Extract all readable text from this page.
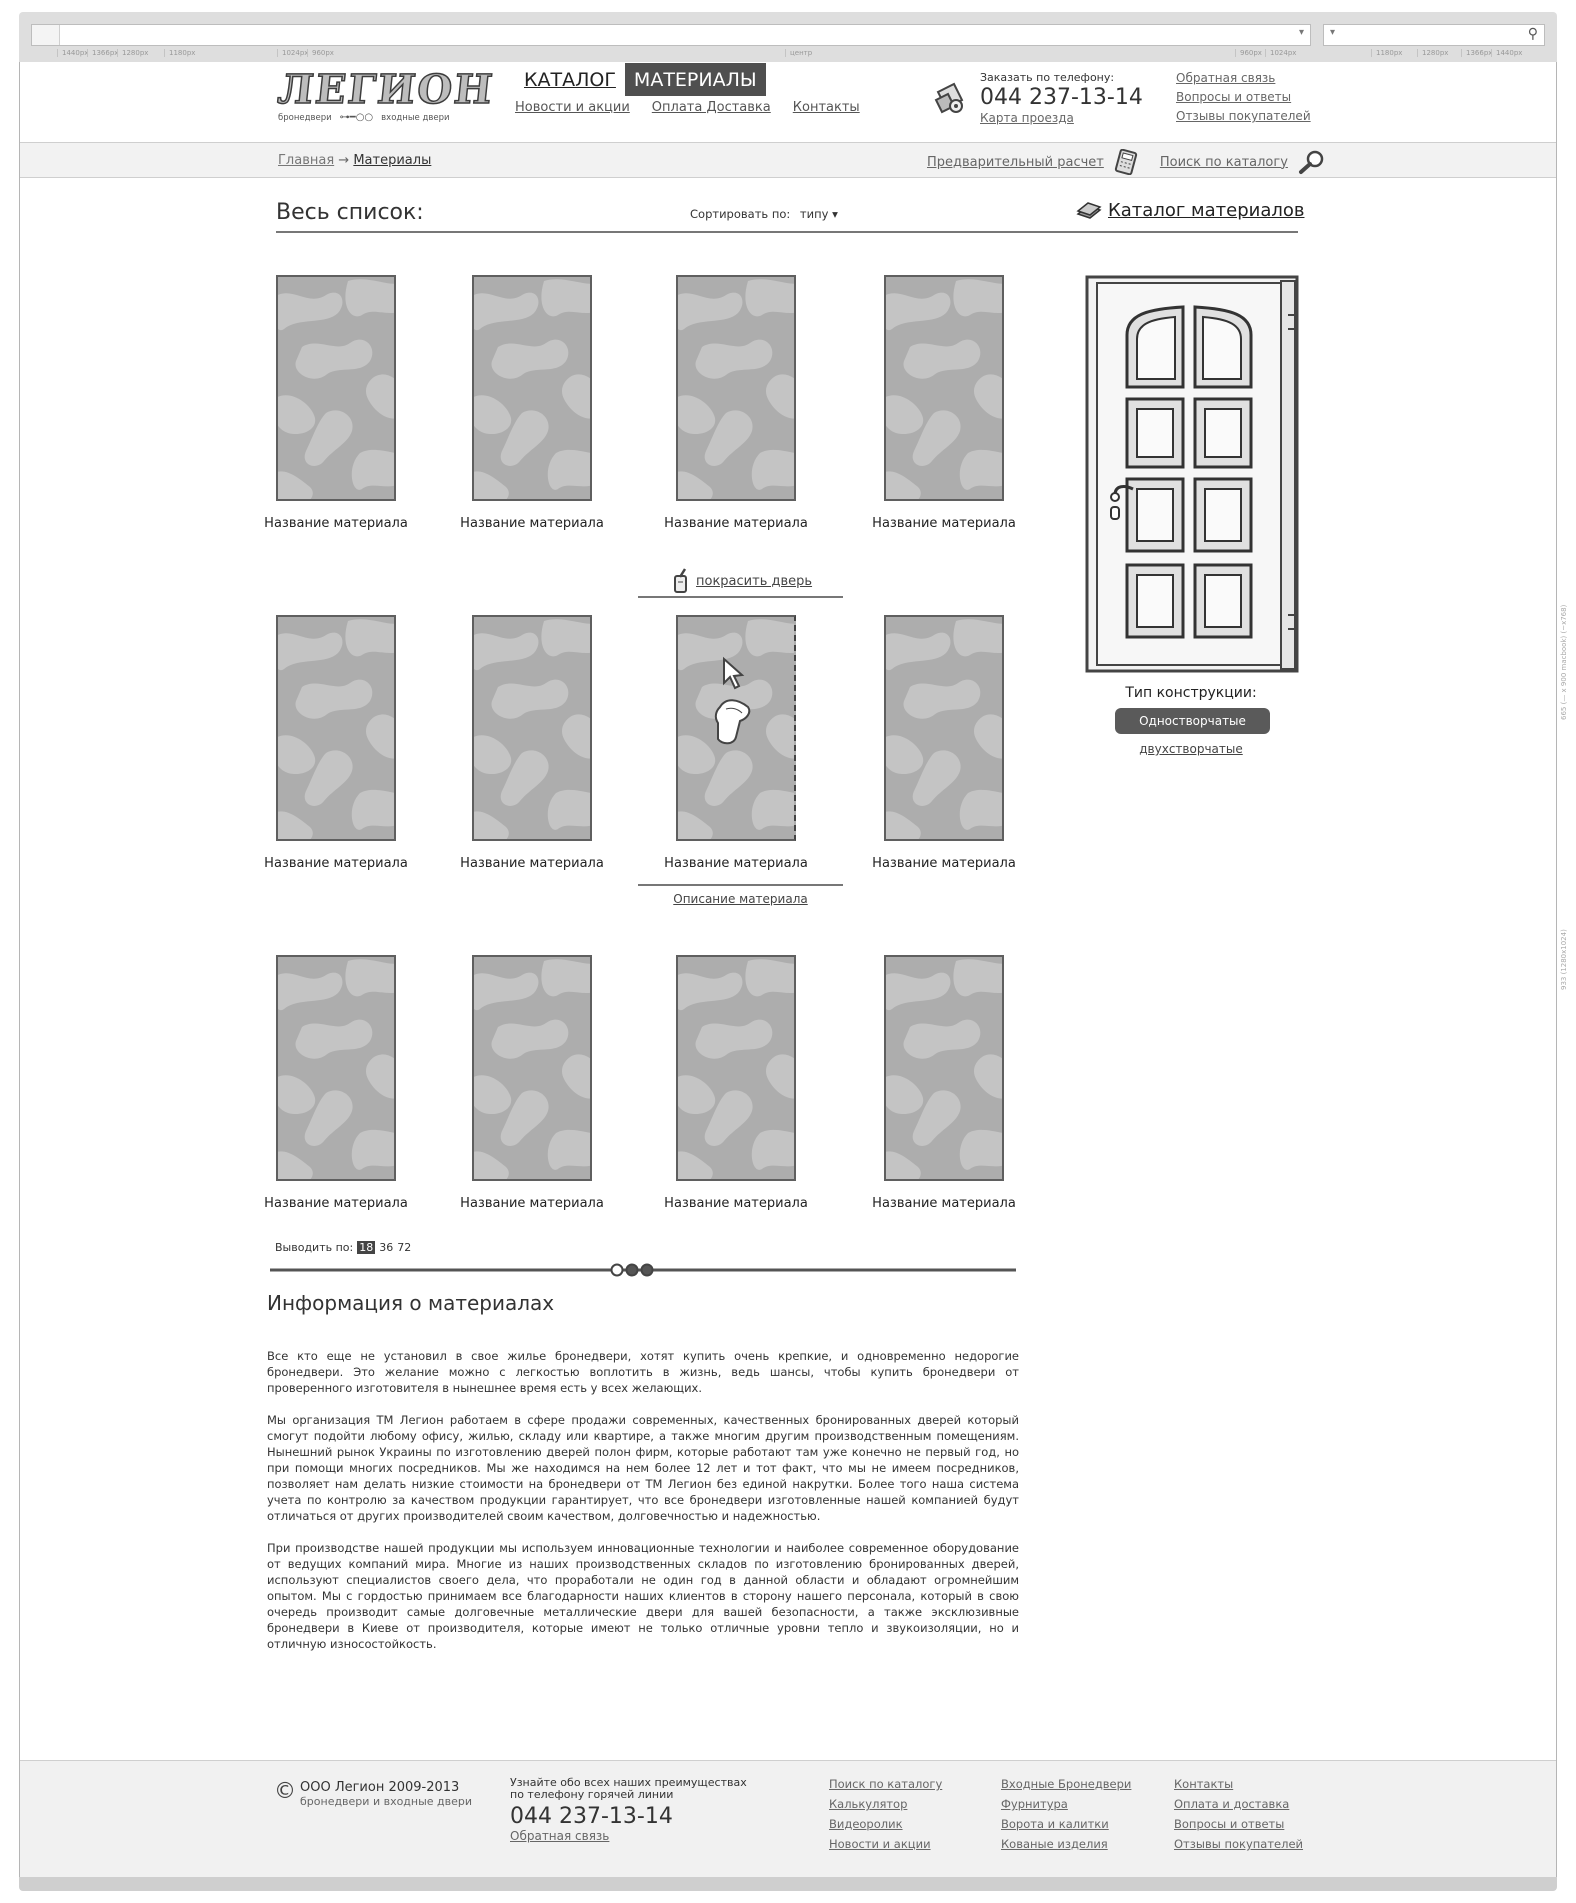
▾	▾	⚲
1440px 1366px 1280px	1180px	1024px 960px	центр	960px	1024px	1180px	1280px	1366px 1440px
665 (— x 900 macbook) (~x768)
933 (1280x1024)
ЛЕГИОН
бронедвери ⊶━○○ входные двери
КАТАЛОГ МАТЕРИАЛЫ
Новости и акции Оплата Доставка Контакты
Заказать по телефону:
044 237-13-14
Карта проезда
Обратная связь
Вопросы и ответы
Отзывы покупателей
Главная → Материалы	Предварительный расчет	Поиск по каталогу
Весь список:	Сортировать по: типу ▾	Каталог материалов
Название материала	Название материала	Название материала	Название материала
покрасить дверь
Название материала	Название материала	Название материала	Название материала
Описание материала
Название материала	Название материала	Название материала	Название материала
Тип конструкции:
Одностворчатые
двухстворчатые
Выводить по: 18 36 72
Информация о материалах

Все кто еще не установил в свое жилье бронедвери, хотят купить очень крепкие, и одновременно недорогие бронедвери. Это желание можно с легкостью воплотить в жизнь, ведь шансы, чтобы купить бронедвери от проверенного изготовителя в нынешнее время есть у всех желающих.

Мы организация ТМ Легион работаем в сфере продажи современных, качественных бронированных дверей который смогут подойти любому офису, жилью, складу или квартире, а также многим другим производственным помещениям. Нынешний рынок Украины по изготовлению дверей полон фирм, которые работают там уже конечно не первый год, но при помощи многих посредников. Мы же находимся на нем более 12 лет и тот факт, что мы не имеем посредников, позволяет нам делать низкие стоимости на бронедвери от ТМ Легион без единой накрутки. Более того наша система учета по контролю за качеством продукции гарантирует, что все бронедвери изготовленные нашей компанией будут отличаться от других производителей своим качеством, долговечностью и надежностью.

При производстве нашей продукции мы используем инновационные технологии и наиболее современное оборудование от ведущих компаний мира. Многие из наших производственных складов по изготовлению бронированных дверей, используют специалистов своего дела, что проработали не один год в данной области и обладают огромнейшим опытом. Мы с гордостью принимаем все благодарности наших клиентов в сторону нашего персонала, который в свою очередь производит самые долговечные металлические двери для вашей безопасности, а также эксклюзивные бронедвери в Киеве от производителя, которые имеют не только отличные уровни тепло и звукоизоляции, но и отличную износостойкость.

© ООО Легион 2009-2013
бронедвери и входные двери
Узнайте обо всех наших преимуществах
по телефону горячей линии
044 237-13-14
Обратная связь
Поиск по каталогу
Калькулятор
Видеоролик
Новости и акции
Входные Бронедвери
Фурнитура
Ворота и калитки
Кованые изделия
Контакты
Оплата и доставка
Вопросы и ответы
Отзывы покупателей
